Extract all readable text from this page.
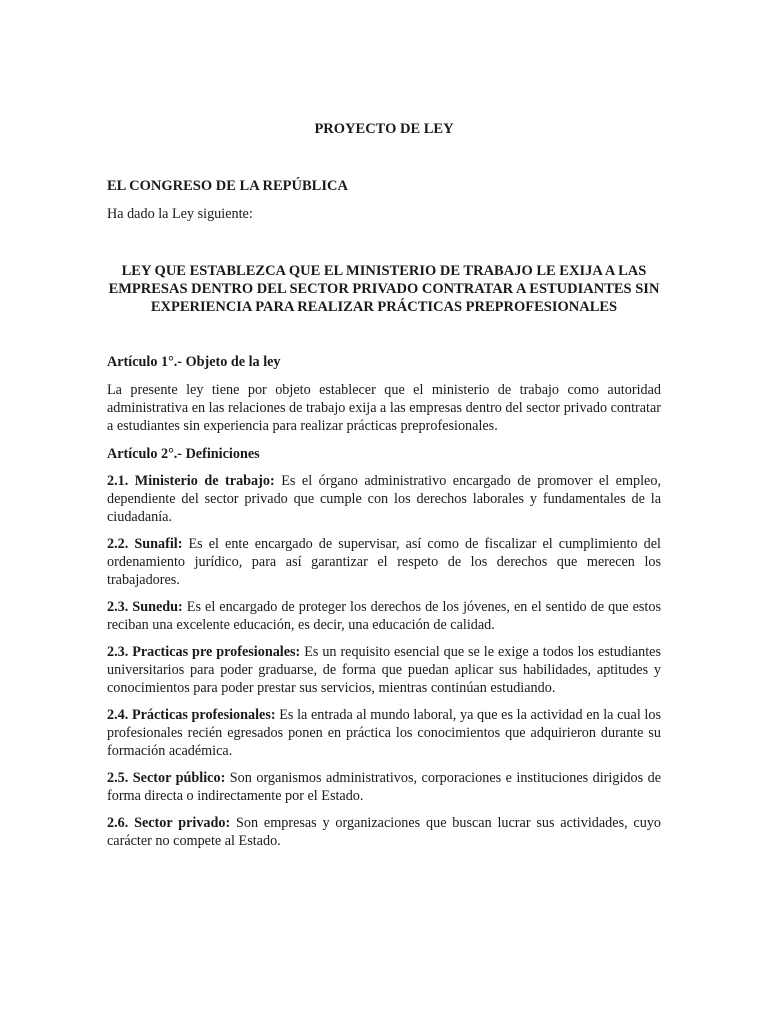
PROYECTO DE LEY

EL CONGRESO DE LA REPÚBLICA

Ha dado la Ley siguiente:

LEY QUE ESTABLEZCA QUE EL MINISTERIO DE TRABAJO LE EXIJA A LAS EMPRESAS DENTRO DEL SECTOR PRIVADO CONTRATAR A ESTUDIANTES SIN EXPERIENCIA PARA REALIZAR PRÁCTICAS PREPROFESIONALES

Artículo 1°.- Objeto de la ley

La presente ley tiene por objeto establecer que el ministerio de trabajo como autoridad administrativa en las relaciones de trabajo exija a las empresas dentro del sector privado contratar a estudiantes sin experiencia para realizar prácticas preprofesionales.

Artículo 2°.- Definiciones

2.1. Ministerio de trabajo: Es el órgano administrativo encargado de promover el empleo, dependiente del sector privado que cumple con los derechos laborales y fundamentales de la ciudadanía.

2.2. Sunafil: Es el ente encargado de supervisar, así como de fiscalizar el cumplimiento del ordenamiento jurídico, para así garantizar el respeto de los derechos que merecen los trabajadores.

2.3. Sunedu: Es el encargado de proteger los derechos de los jóvenes, en el sentido de que estos reciban una excelente educación, es decir, una educación de calidad.

2.3. Practicas pre profesionales: Es un requisito esencial que se le exige a todos los estudiantes universitarios para poder graduarse, de forma que puedan aplicar sus habilidades, aptitudes y conocimientos para poder prestar sus servicios, mientras continúan estudiando.

2.4. Prácticas profesionales: Es la entrada al mundo laboral, ya que es la actividad en la cual los profesionales recién egresados ponen en práctica los conocimientos que adquirieron durante su formación académica.

2.5. Sector público: Son organismos administrativos, corporaciones e instituciones dirigidos de forma directa o indirectamente por el Estado.

2.6. Sector privado: Son empresas y organizaciones que buscan lucrar sus actividades, cuyo carácter no compete al Estado.
